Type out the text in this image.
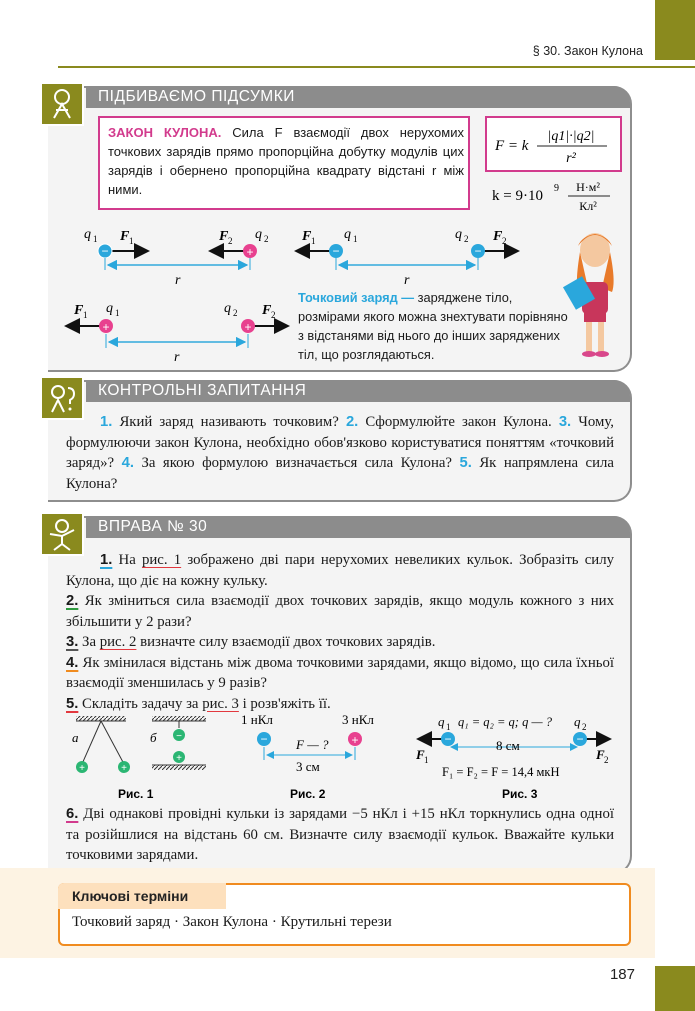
§ 30. Закон Кулона
ПІДБИВАЄМО ПІДСУМКИ
ЗАКОН КУЛОНА. Сила F взаємодії двох нерухомих точкових зарядів прямо пропорційна добутку модулів цих зарядів і обернено пропорційна квадрату відстані r між ними.
F = k
|q1|·|q2|
r²
k = 9·10 9 Н·м²
Кл²
−	+
q 1 F 1	F 2 q 2
r
−	−
F 1 q 1	q 2 F 2
r
+	+
F 1 q 1	q 2 F 2
r
Точковий заряд — заряджене тіло, розмірами якого можна знехтувати порівняно з відстанями від нього до інших заряджених тіл, що розглядаються.
КОНТРОЛЬНІ ЗАПИТАННЯ
1. Який заряд називають точковим? 2. Сформулюйте закон Кулона. 3. Чому, формулюючи закон Кулона, необхідно обов'язково користуватися поняттям «точковий заряд»? 4. За якою формулою визначається сила Кулона? 5. Як напрямлена сила Кулона?
ВПРАВА № 30
1. На рис. 1 зображено дві пари нерухомих невеликих кульок. Зобразіть силу Кулона, що діє на кожну кульку.
2. Як зміниться сила взаємодії двох точкових зарядів, якщо модуль кожного з них збільшити у 2 рази?
3. За рис. 2 визначте силу взаємодії двох точкових зарядів.
4. Як змінилася відстань між двома точковими зарядами, якщо відомо, що сила їхньої взаємодії зменшилась у 9 разів?
5. Складіть задачу за рис. 3 і розв'яжіть її.
+	+
а	−
+
б
Рис. 1
1 нКл	3 нКл
−	+
F — ?
3 см
Рис. 2
q 1 q₁ = q₂ = q; q — ? q 2
−	−
8 см
F 1	F 2
F₁ = F₂ = F = 14,4 мкН
Рис. 3
6. Дві однакові провідні кульки із зарядами −5 нКл і +15 нКл торкнулись одна одної та розійшлися на відстань 60 см. Визначте силу взаємодії кульок. Вважайте кульки точковими зарядами.
Ключові терміни
Точковий заряд · Закон Кулона · Крутильні терези
187
